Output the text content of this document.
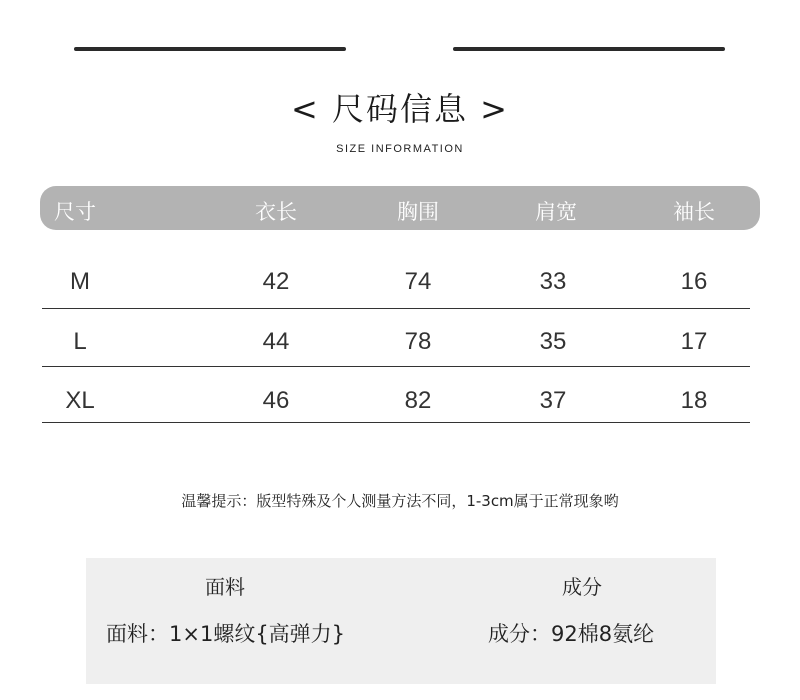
< 尺码信息 >
SIZE INFORMATION
尺寸	衣长	胸围	肩宽	袖长
M	42	74	33	16
L	44	78	35	17
XL	46	82	37	18
温馨提示：版型特殊及个人测量方法不同，1-3cm属于正常现象哟
面料	成分
面料：1×1螺纹{高弹力}	成分：92棉8氨纶
